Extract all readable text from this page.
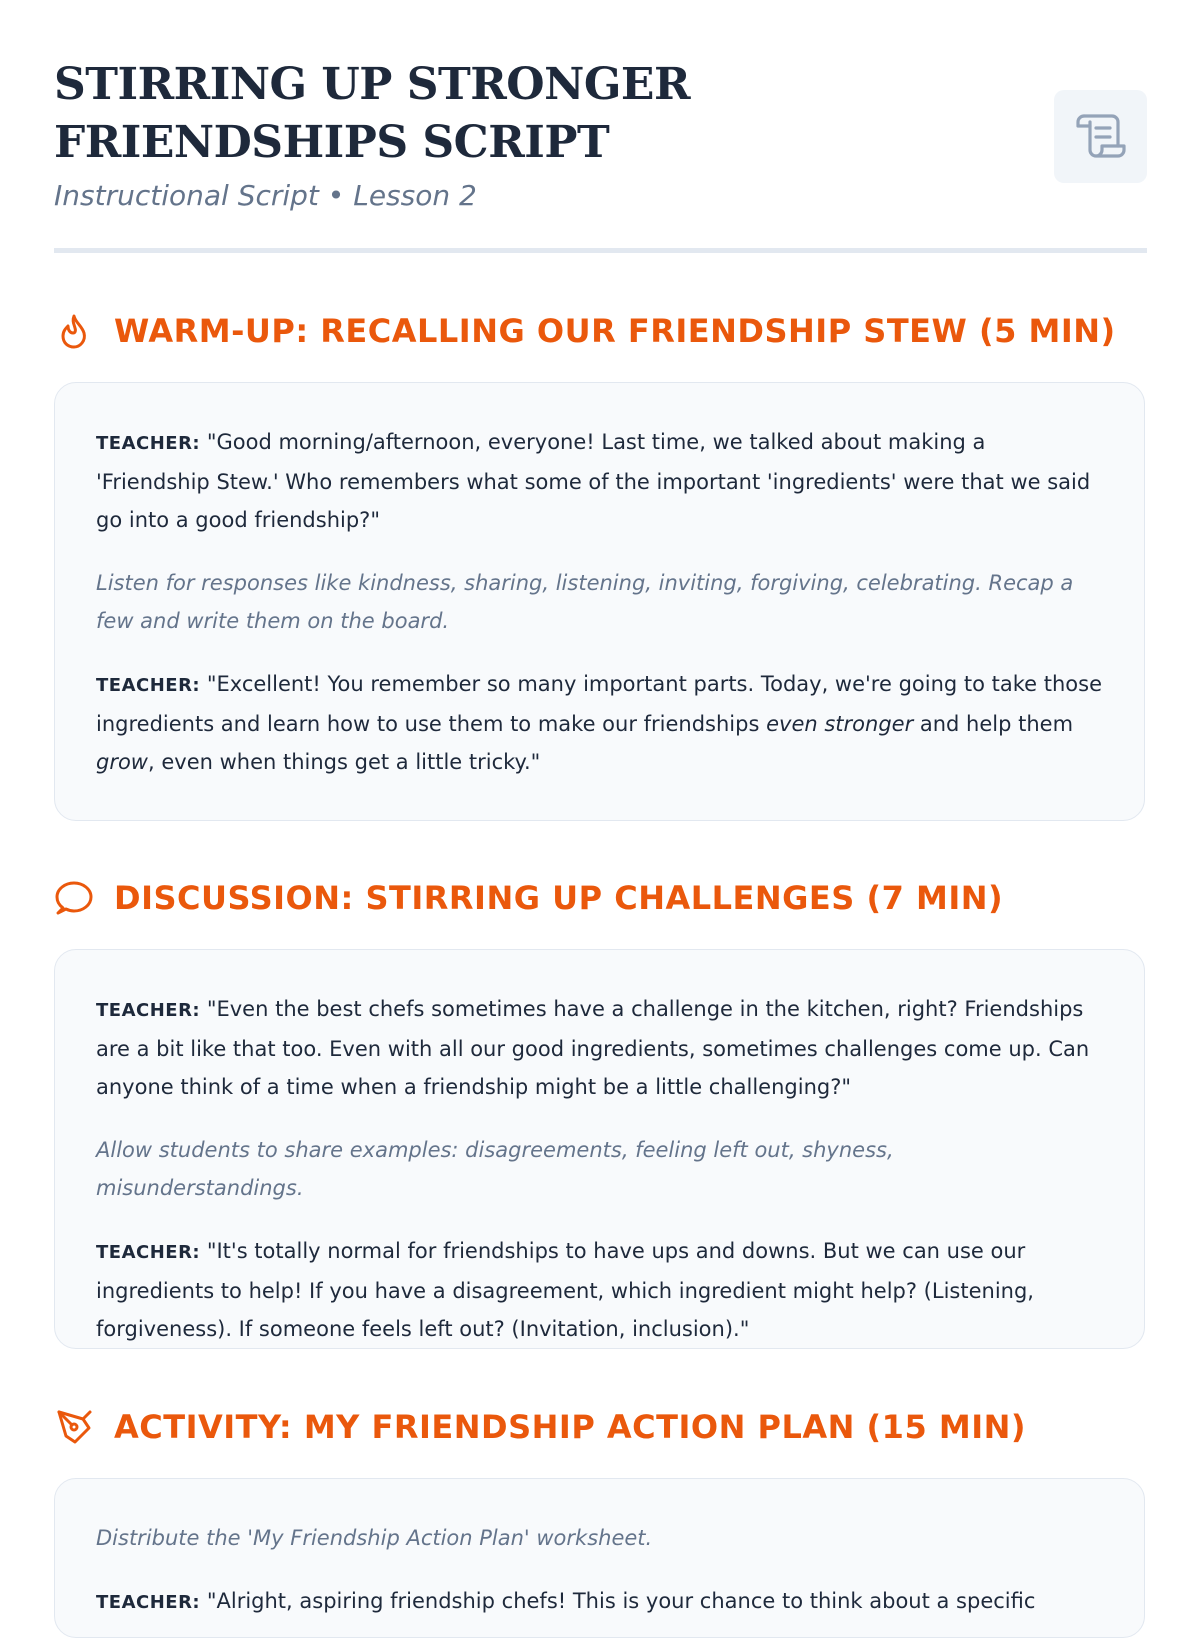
STIRRING UP STRONGER FRIENDSHIPS SCRIPT
Instructional Script • Lesson 2
WARM-UP: RECALLING OUR FRIENDSHIP STEW (5 MIN)

TEACHER: "Good morning/afternoon, everyone! Last time, we talked about making a 'Friendship Stew.' Who remembers what some of the important 'ingredients' were that we said go into a good friendship?"

Listen for responses like kindness, sharing, listening, inviting, forgiving, celebrating. Recap a few and write them on the board.

TEACHER: "Excellent! You remember so many important parts. Today, we're going to take those ingredients and learn how to use them to make our friendships even stronger and help them grow, even when things get a little tricky."

DISCUSSION: STIRRING UP CHALLENGES (7 MIN)

TEACHER: "Even the best chefs sometimes have a challenge in the kitchen, right? Friendships are a bit like that too. Even with all our good ingredients, sometimes challenges come up. Can anyone think of a time when a friendship might be a little challenging?"

Allow students to share examples: disagreements, feeling left out, shyness, misunderstandings.

TEACHER: "It's totally normal for friendships to have ups and downs. But we can use our ingredients to help! If you have a disagreement, which ingredient might help? (Listening, forgiveness). If someone feels left out? (Invitation, inclusion)."

ACTIVITY: MY FRIENDSHIP ACTION PLAN (15 MIN)

Distribute the 'My Friendship Action Plan' worksheet.

TEACHER: "Alright, aspiring friendship chefs! This is your chance to think about a specific
